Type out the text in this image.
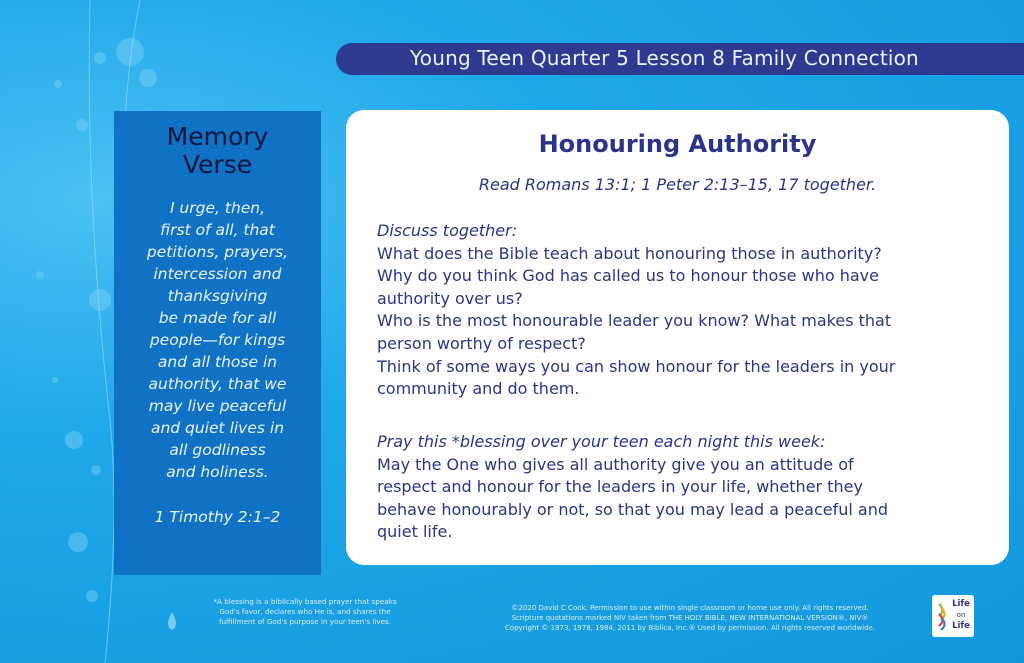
Young Teen Quarter 5 Lesson 8 Family Connection
Memory
Verse
I urge, then,
first of all, that
petitions, prayers,
intercession and
thanksgiving
be made for all
people—for kings
and all those in
authority, that we
may live peaceful
and quiet lives in
all godliness
and holiness.
1 Timothy 2:1–2
Honouring Authority
Read Romans 13:1; 1 Peter 2:13–15, 17 together.
Discuss together:
What does the Bible teach about honouring those in authority?
Why do you think God has called us to honour those who have
authority over us?
Who is the most honourable leader you know? What makes that
person worthy of respect?
Think of some ways you can show honour for the leaders in your
community and do them.
Pray this *blessing over your teen each night this week:
May the One who gives all authority give you an attitude of
respect and honour for the leaders in your life, whether they
behave honourably or not, so that you may lead a peaceful and
quiet life.
*A blessing is a biblically based prayer that speaks
God's favor, declares who He is, and shares the
fulfillment of God's purpose in your teen's lives.
©2020 David C Cook. Permission to use within single classroom or home use only. All rights reserved.
Scripture quotations marked NIV taken from THE HOLY BIBLE, NEW INTERNATIONAL VERSION®, NIV®
Copyright © 1973, 1978, 1984, 2011 by Biblica, Inc.® Used by permission. All rights reserved worldwide.
Life
on
Life
